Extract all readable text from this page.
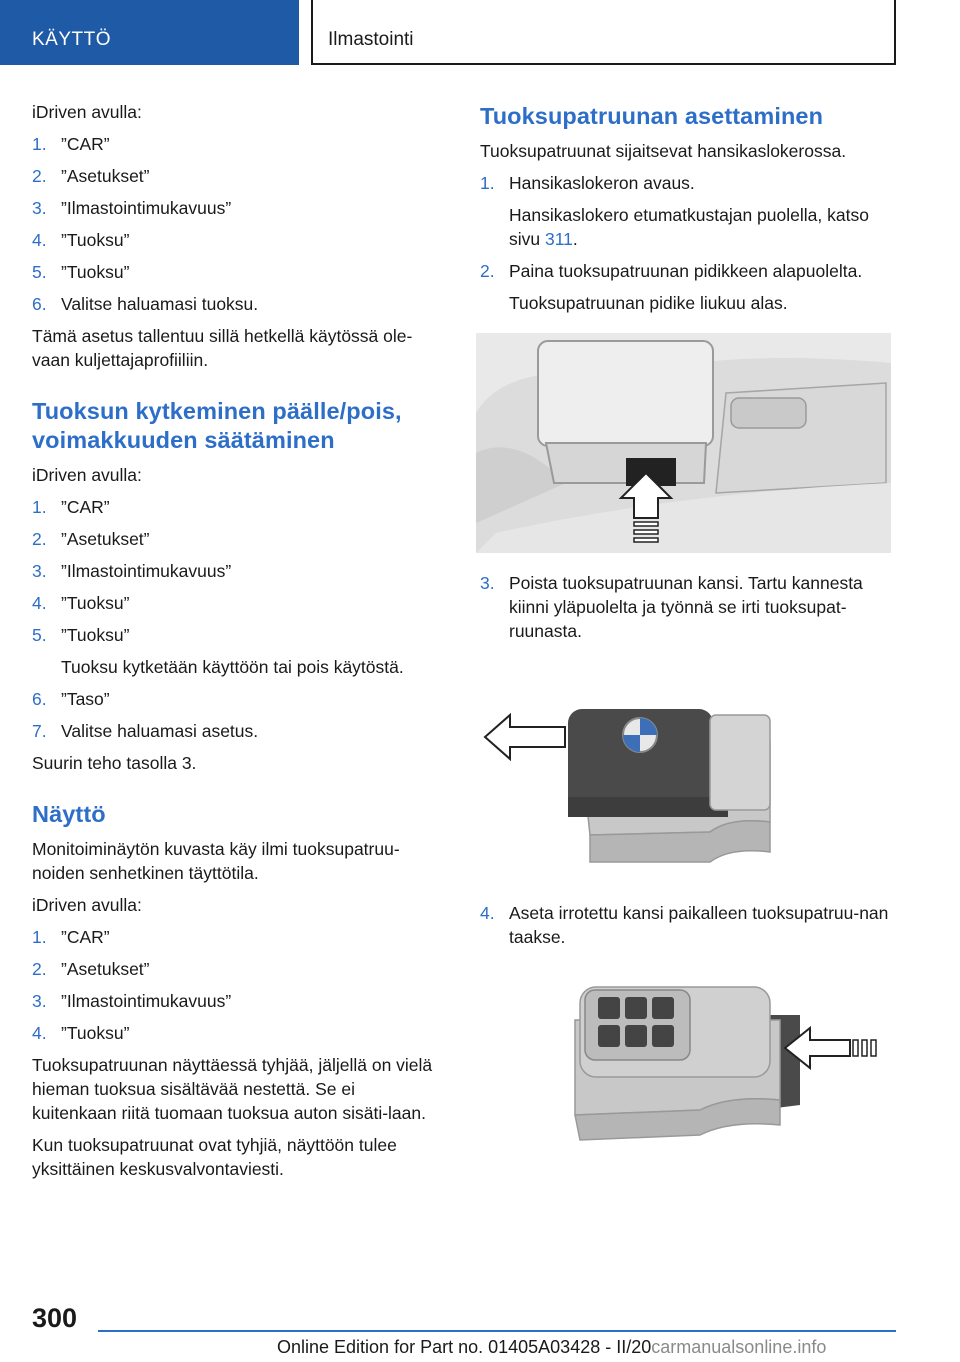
KÄYTTÖ	Ilmastointi

iDriven avulla:

1. ”CAR”
2. ”Asetukset”
3. ”Ilmastointimukavuus”
4. ”Tuoksu”
5. ”Tuoksu”
6. Valitse haluamasi tuoksu.

Tämä asetus tallentuu sillä hetkellä käytössä ole-vaan kuljettajaprofiiliin.

Tuoksun kytkeminen päälle/pois, voimakkuuden säätäminen

iDriven avulla:

1. ”CAR”
2. ”Asetukset”
3. ”Ilmastointimukavuus”
4. ”Tuoksu”
5. ”Tuoksu”
Tuoksu kytketään käyttöön tai pois käytöstä.
6. ”Taso”
7. Valitse haluamasi asetus.

Suurin teho tasolla 3.

Näyttö

Monitoiminäytön kuvasta käy ilmi tuoksupatruu-noiden senhetkinen täyttötila.

iDriven avulla:

1. ”CAR”
2. ”Asetukset”
3. ”Ilmastointimukavuus”
4. ”Tuoksu”

Tuoksupatruunan näyttäessä tyhjää, jäljellä on vielä hieman tuoksua sisältävää nestettä. Se ei kuitenkaan riitä tuomaan tuoksua auton sisäti-laan.

Kun tuoksupatruunat ovat tyhjiä, näyttöön tulee yksittäinen keskusvalvontaviesti.

Tuoksupatruunan asettaminen

Tuoksupatruunat sijaitsevat hansikaslokerossa.

1. Hansikaslokeron avaus.
Hansikaslokero etumatkustajan puolella, katso sivu 311.
2. Paina tuoksupatruunan pidikkeen alapuolelta.
Tuoksupatruunan pidike liukuu alas.
3. Poista tuoksupatruunan kansi. Tartu kannesta kiinni yläpuolelta ja työnnä se irti tuoksupat-ruunasta.
4. Aseta irrotettu kansi paikalleen tuoksupatruu-nan taakse.
300
Online Edition for Part no. 01405A03428 - II/20carmanualsonline.info
